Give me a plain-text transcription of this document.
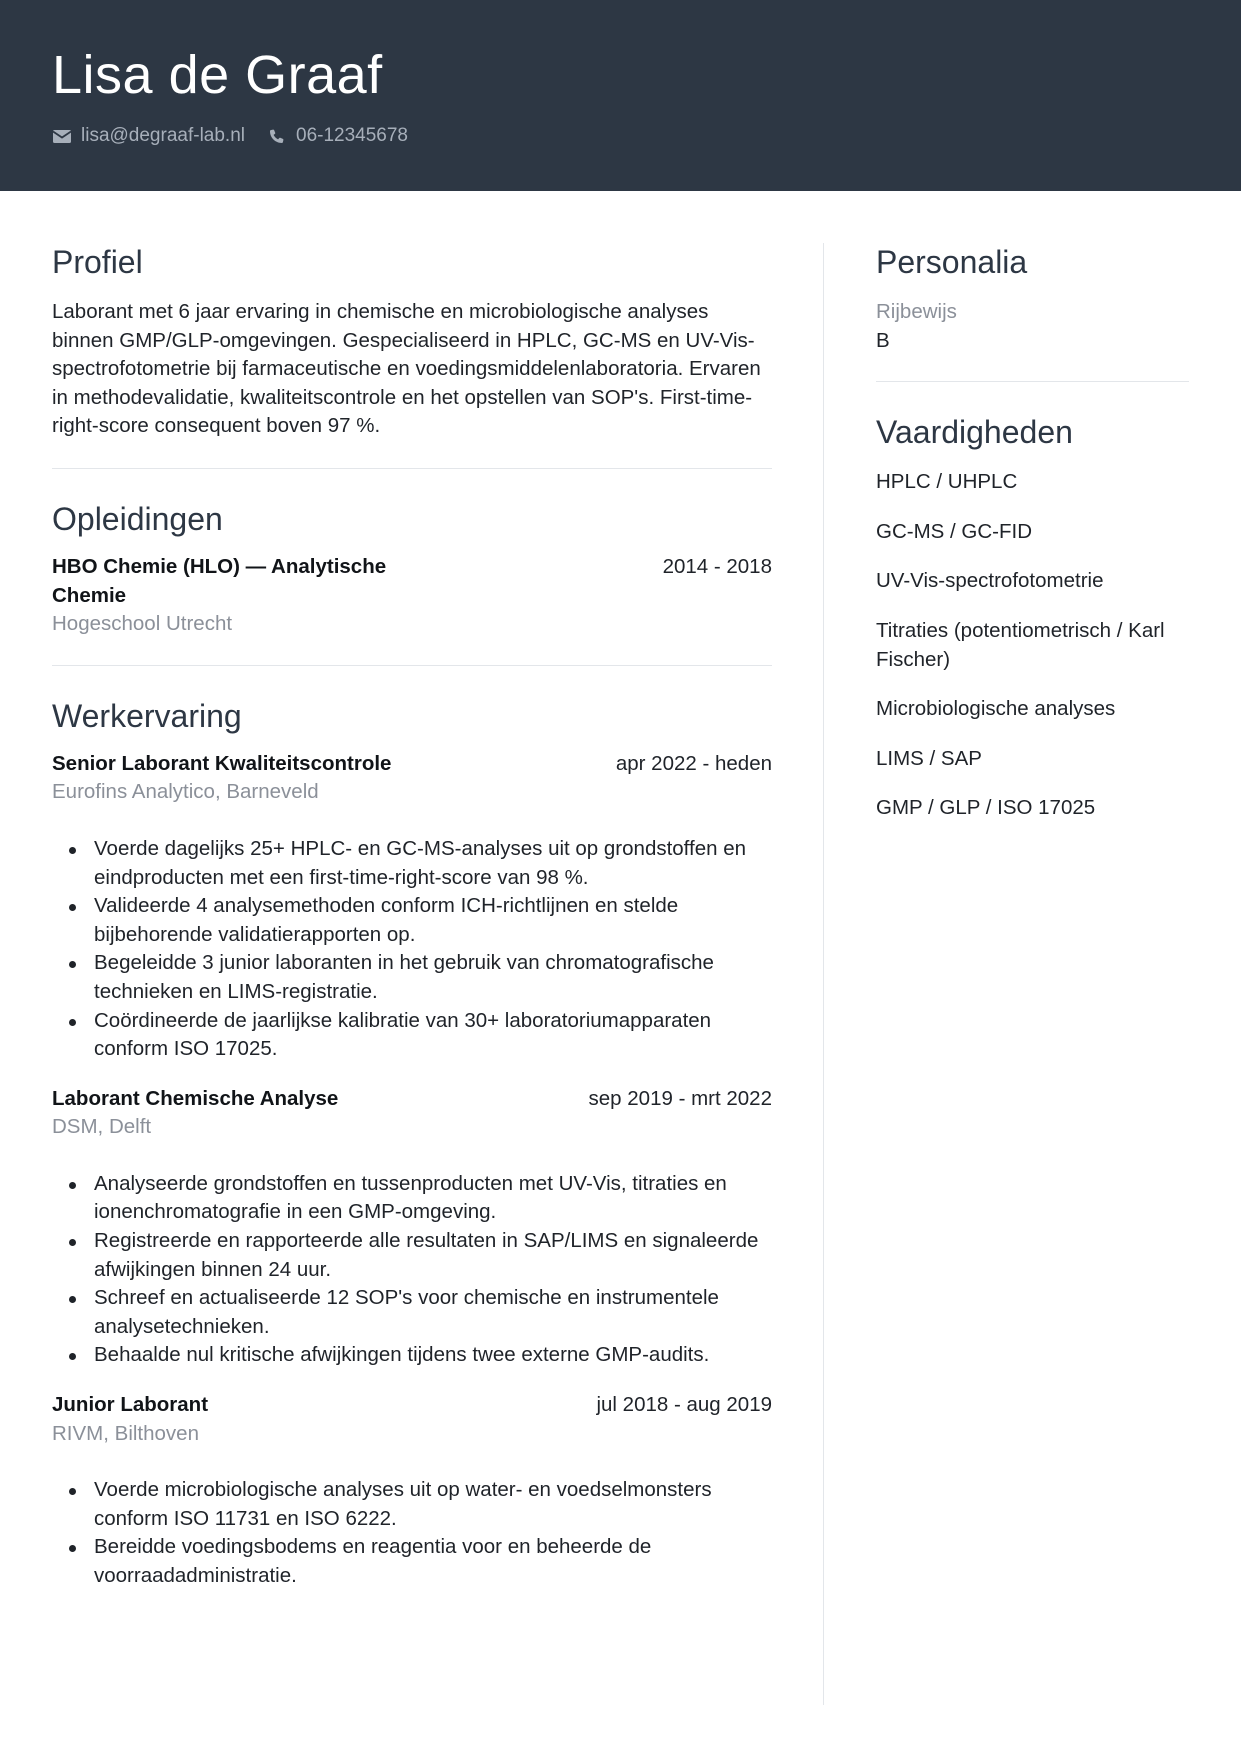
Lisa de Graaf
lisa@degraaf-lab.nl	06-12345678
Profiel

Laborant met 6 jaar ervaring in chemische en microbiologische analyses binnen GMP/GLP-omgevingen. Gespecialiseerd in HPLC, GC-MS en UV-Vis-spectrofotometrie bij farmaceutische en voedingsmiddelenlaboratoria. Ervaren in methodevalidatie, kwaliteitscontrole en het opstellen van SOP's. First-time-right-score consequent boven 97 %.

Opleidingen
HBO Chemie (HLO) — Analytische Chemie
2014 - 2018
Hogeschool Utrecht
Werkervaring
Senior Laborant Kwaliteitscontrole	apr 2022 - heden
Eurofins Analytico, Barneveld
Voerde dagelijks 25+ HPLC- en GC-MS-analyses uit op grondstoffen en eindproducten met een first-time-right-score van 98 %.
Valideerde 4 analysemethoden conform ICH-richtlijnen en stelde bijbehorende validatierapporten op.
Begeleidde 3 junior laboranten in het gebruik van chromatografische technieken en LIMS-registratie.
Coördineerde de jaarlijkse kalibratie van 30+ laboratoriumapparaten conform ISO 17025.
Laborant Chemische Analyse	sep 2019 - mrt 2022
DSM, Delft
Analyseerde grondstoffen en tussenproducten met UV-Vis, titraties en ionenchromatografie in een GMP-omgeving.
Registreerde en rapporteerde alle resultaten in SAP/LIMS en signaleerde afwijkingen binnen 24 uur.
Schreef en actualiseerde 12 SOP's voor chemische en instrumentele analysetechnieken.
Behaalde nul kritische afwijkingen tijdens twee externe GMP-audits.
Junior Laborant	jul 2018 - aug 2019
RIVM, Bilthoven
Voerde microbiologische analyses uit op water- en voedselmonsters conform ISO 11731 en ISO 6222.
Bereidde voedingsbodems en reagentia voor en beheerde de voorraadadministratie.
Personalia
Rijbewijs
B
Vaardigheden
HPLC / UHPLC
GC-MS / GC-FID
UV-Vis-spectrofotometrie
Titraties (potentiometrisch / Karl Fischer)
Microbiologische analyses
LIMS / SAP
GMP / GLP / ISO 17025
